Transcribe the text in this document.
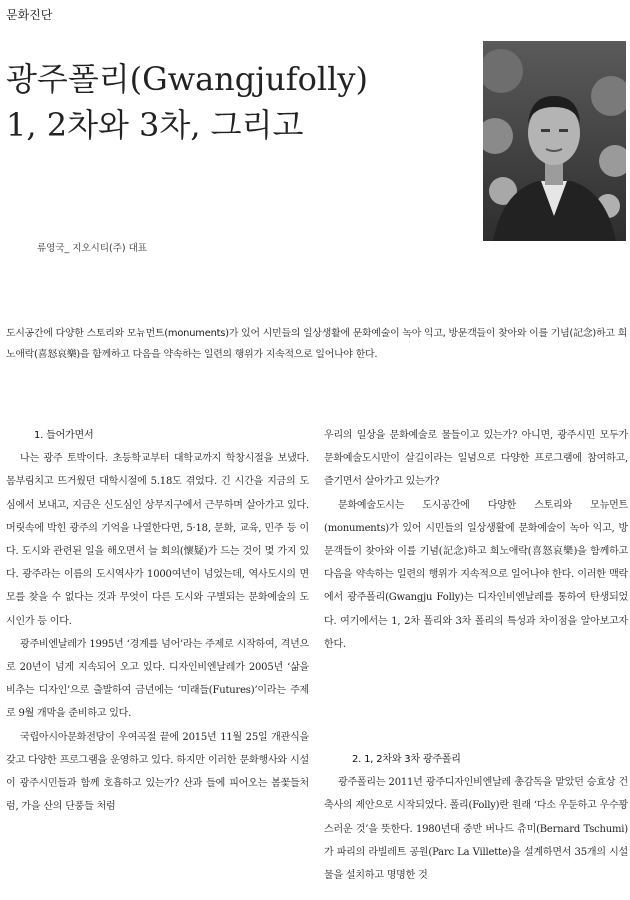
문화진단
광주폴리(Gwangjufolly)
1, 2차와 3차, 그리고
류영국_ 지오시티(주) 대표

도시공간에 다양한 스토리와 모뉴먼트(monuments)가 있어 시민들의 일상생활에 문화예술이 녹아 익고, 방문객들이 찾아와 이를 기념(記念)하고 희노애락(喜怒哀樂)을 함께하고 다음을 약속하는 일련의 행위가 지속적으로 일어나야 한다.

1. 들어가면서

나는 광주 토박이다. 초등학교부터 대학교까지 학창시절을 보냈다. 몸부림치고 뜨거웠던 대학시절에 5.18도 겪었다. 긴 시간을 지금의 도심에서 보내고, 지금은 신도심인 상무지구에서 근무하며 살아가고 있다. 머릿속에 박힌 광주의 기억을 나열한다면, 5·18, 문화, 교육, 민주 등 이다. 도시와 관련된 일을 해오면서 늘 회의(懷疑)가 드는 것이 몇 가지 있다. 광주라는 이름의 도시역사가 1000여년이 넘었는데, 역사도시의 면모를 찾을 수 없다는 것과 무엇이 다른 도시와 구별되는 문화예술의 도시인가 등 이다.

광주비엔날레가 1995년 ‘경계를 넘어’라는 주제로 시작하여, 격년으로 20년이 넘게 지속되어 오고 있다. 디자인비엔날레가 2005년 ‘삶을 비추는 디자인’으로 출발하여 금년에는 ‘미래들(Futures)’이라는 주제로 9월 개막을 준비하고 있다.

국립아시아문화전당이 우여곡절 끝에 2015년 11월 25일 개관식을 갖고 다양한 프로그램을 운영하고 있다. 하지만 이러한 문화행사와 시설이 광주시민들과 함께 호흡하고 있는가? 산과 들에 피어오는 봄꽃들처럼, 가을 산의 단풍들 처럼

우리의 일상을 문화예술로 물들이고 있는가? 아니면, 광주시민 모두가 문화예술도시만이 살길이라는 일념으로 다양한 프로그램에 참여하고, 즐기면서 살아가고 있는가?

문화예술도시는 도시공간에 다양한 스토리와 모뉴먼트(monuments)가 있어 시민들의 일상생활에 문화예술이 녹아 익고, 방문객들이 찾아와 이를 기념(記念)하고 희노애락(喜怒哀樂)을 함께하고 다음을 약속하는 일련의 행위가 지속적으로 일어나야 한다. 이러한 맥락에서 광주폴리(Gwangju Folly)는 디자인비엔날레를 통하여 탄생되었다. 여기에서는 1, 2차 폴리와 3차 폴리의 특성과 차이점을 알아보고자 한다.

2. 1, 2차와 3차 광주폴리

광주폴리는 2011년 광주디자인비엔날레 총감독을 맡았던 승효상 건축사의 제안으로 시작되었다. 폴리(Folly)란 원래 ‘다소 우둔하고 우수꽝스러운 것’을 뜻한다. 1980년대 중반 버나드 츄미(Bernard Tschumi)가 파리의 라빌레트 공원(Parc La Villette)을 설계하면서 35개의 시설물을 설치하고 명명한 것
